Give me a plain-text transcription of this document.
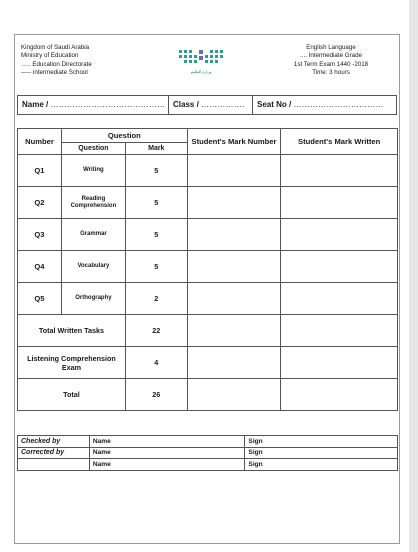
Kingdom of Saudi Arabia
Ministry of Education
….. Education Directorate
----- intermediate School	وزارة التعليم
English Language
.... Intermediate Grade
1st Term Exam 1440 -2018
Time: 3 hours
Name / …………………………………… Class / …………….	Seat No / ……………………………
Number	Question		Student's Mark Number	Student's Mark Written
	Question	Mark		
Q1	Writing	5		
Q2	Reading Comprehension	5		
Q3	Grammar	5		
Q4	Vocabulary	5		
Q5	Orthography	2		
Total Written Tasks		22		
Listening Comprehension Exam		4		
Total		26		
Checked by	Name	Sign
Corrected by	Name	Sign
	Name	Sign
